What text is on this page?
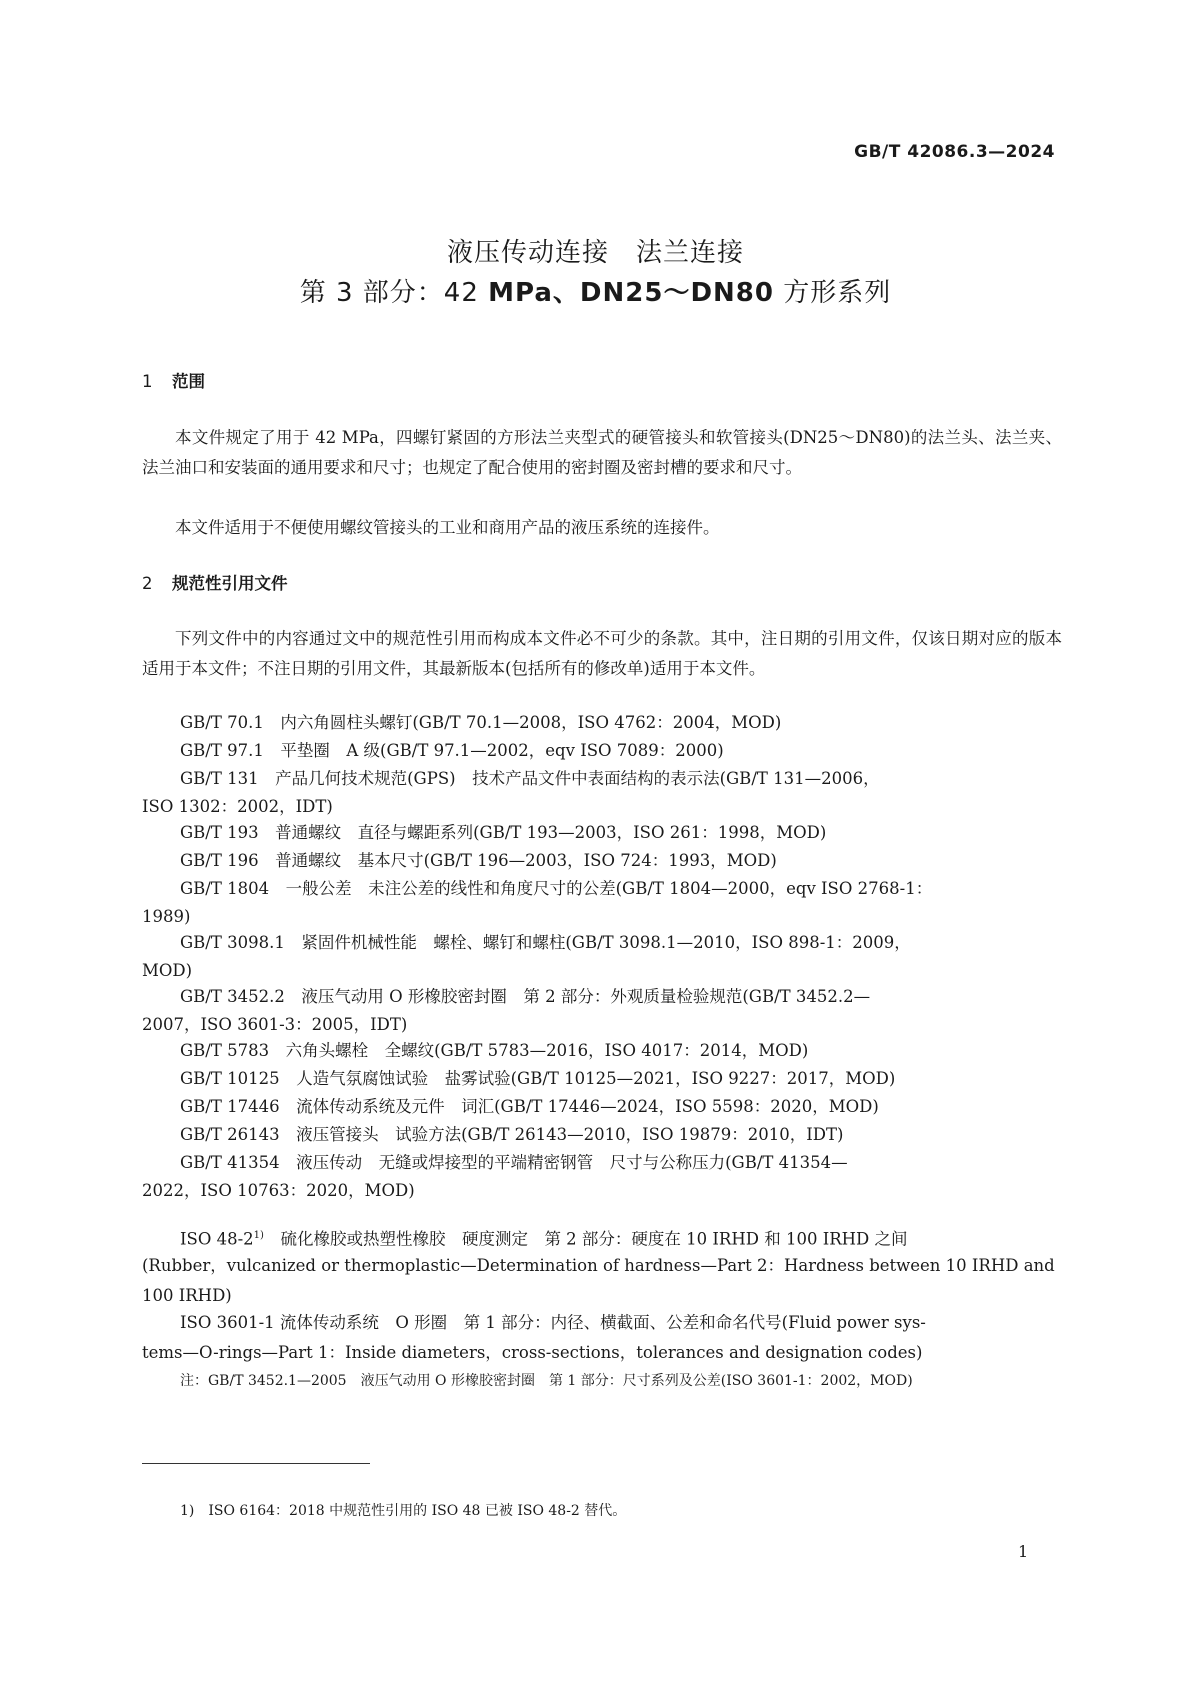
GB/T 42086.3—2024
液压传动连接　法兰连接
第 3 部分：42 MPa、DN25～DN80 方形系列
1 范围
本文件规定了用于 42 MPa，四螺钉紧固的方形法兰夹型式的硬管接头和软管接头(DN25～DN80)的法兰头、法兰夹、法兰油口和安装面的通用要求和尺寸；也规定了配合使用的密封圈及密封槽的要求和尺寸。
本文件适用于不便使用螺纹管接头的工业和商用产品的液压系统的连接件。
2 规范性引用文件
下列文件中的内容通过文中的规范性引用而构成本文件必不可少的条款。其中，注日期的引用文件，仅该日期对应的版本适用于本文件；不注日期的引用文件，其最新版本(包括所有的修改单)适用于本文件。
GB/T 70.1　内六角圆柱头螺钉(GB/T 70.1—2008，ISO 4762：2004，MOD)
GB/T 97.1　平垫圈　A 级(GB/T 97.1—2002，eqv ISO 7089：2000)
GB/T 131　产品几何技术规范(GPS)　技术产品文件中表面结构的表示法(GB/T 131—2006，
ISO 1302：2002，IDT)
GB/T 193　普通螺纹　直径与螺距系列(GB/T 193—2003，ISO 261：1998，MOD)
GB/T 196　普通螺纹　基本尺寸(GB/T 196—2003，ISO 724：1993，MOD)
GB/T 1804　一般公差　未注公差的线性和角度尺寸的公差(GB/T 1804—2000，eqv ISO 2768-1：
1989)
GB/T 3098.1　紧固件机械性能　螺栓、螺钉和螺柱(GB/T 3098.1—2010，ISO 898-1：2009，
MOD)
GB/T 3452.2　液压气动用 O 形橡胶密封圈　第 2 部分：外观质量检验规范(GB/T 3452.2—
2007，ISO 3601-3：2005，IDT)
GB/T 5783　六角头螺栓　全螺纹(GB/T 5783—2016，ISO 4017：2014，MOD)
GB/T 10125　人造气氛腐蚀试验　盐雾试验(GB/T 10125—2021，ISO 9227：2017，MOD)
GB/T 17446　流体传动系统及元件　词汇(GB/T 17446—2024，ISO 5598：2020，MOD)
GB/T 26143　液压管接头　试验方法(GB/T 26143—2010，ISO 19879：2010，IDT)
GB/T 41354　液压传动　无缝或焊接型的平端精密钢管　尺寸与公称压力(GB/T 41354—
2022，ISO 10763：2020，MOD)
ISO 48-2$^{1)}$　硫化橡胶或热塑性橡胶　硬度测定　第 2 部分：硬度在 10 IRHD 和 100 IRHD 之间
(Rubber，vulcanized or thermoplastic—Determination of hardness—Part 2：Hardness between 10 IRHD and
100 IRHD)
ISO 3601-1 流体传动系统　O 形圈　第 1 部分：内径、横截面、公差和命名代号(Fluid power sys-
tems—O-rings—Part 1：Inside diameters，cross-sections，tolerances and designation codes)
注：GB/T 3452.1—2005　液压气动用 O 形橡胶密封圈　第 1 部分：尺寸系列及公差(ISO 3601-1：2002，MOD)
1)　ISO 6164：2018 中规范性引用的 ISO 48 已被 ISO 48-2 替代。
1
